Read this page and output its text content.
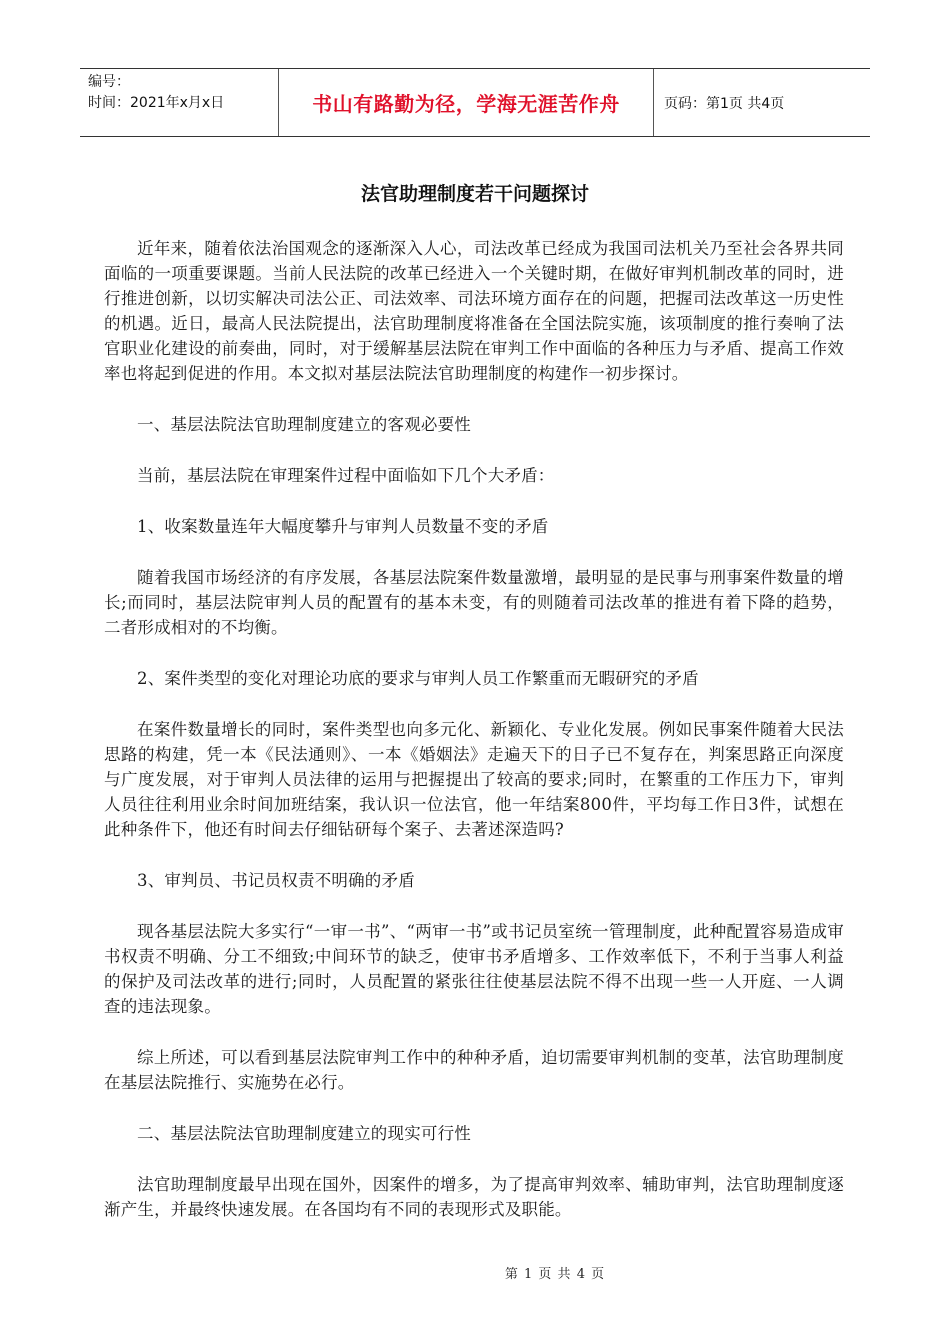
编号：
时间：2021年x月x日	书山有路勤为径，学海无涯苦作舟	页码：第1页 共4页
法官助理制度若干问题探讨

近年来，随着依法治国观念的逐渐深入人心，司法改革已经成为我国司法机关乃至社会各界共同面临的一项重要课题。当前人民法院的改革已经进入一个关键时期，在做好审判机制改革的同时，进行推进创新，以切实解决司法公正、司法效率、司法环境方面存在的问题，把握司法改革这一历史性的机遇。近日，最高人民法院提出，法官助理制度将准备在全国法院实施，该项制度的推行奏响了法官职业化建设的前奏曲，同时，对于缓解基层法院在审判工作中面临的各种压力与矛盾、提高工作效率也将起到促进的作用。本文拟对基层法院法官助理制度的构建作一初步探讨。

一、基层法院法官助理制度建立的客观必要性

当前，基层法院在审理案件过程中面临如下几个大矛盾：

1、收案数量连年大幅度攀升与审判人员数量不变的矛盾

随着我国市场经济的有序发展，各基层法院案件数量激增，最明显的是民事与刑事案件数量的增长;而同时，基层法院审判人员的配置有的基本未变，有的则随着司法改革的推进有着下降的趋势，二者形成相对的不均衡。

2、案件类型的变化对理论功底的要求与审判人员工作繁重而无暇研究的矛盾

在案件数量增长的同时，案件类型也向多元化、新颖化、专业化发展。例如民事案件随着大民法思路的构建，凭一本《民法通则》、一本《婚姻法》走遍天下的日子已不复存在，判案思路正向深度与广度发展，对于审判人员法律的运用与把握提出了较高的要求;同时，在繁重的工作压力下，审判人员往往利用业余时间加班结案，我认识一位法官，他一年结案800件，平均每工作日3件，试想在此种条件下，他还有时间去仔细钻研每个案子、去著述深造吗?

3、审判员、书记员权责不明确的矛盾

现各基层法院大多实行“一审一书”、“两审一书”或书记员室统一管理制度，此种配置容易造成审书权责不明确、分工不细致;中间环节的缺乏，使审书矛盾增多、工作效率低下，不利于当事人利益的保护及司法改革的进行;同时，人员配置的紧张往往使基层法院不得不出现一些一人开庭、一人调查的违法现象。

综上所述，可以看到基层法院审判工作中的种种矛盾，迫切需要审判机制的变革，法官助理制度在基层法院推行、实施势在必行。

二、基层法院法官助理制度建立的现实可行性

法官助理制度最早出现在国外，因案件的增多，为了提高审判效率、辅助审判，法官助理制度逐渐产生，并最终快速发展。在各国均有不同的表现形式及职能。

第 1 页 共 4 页
